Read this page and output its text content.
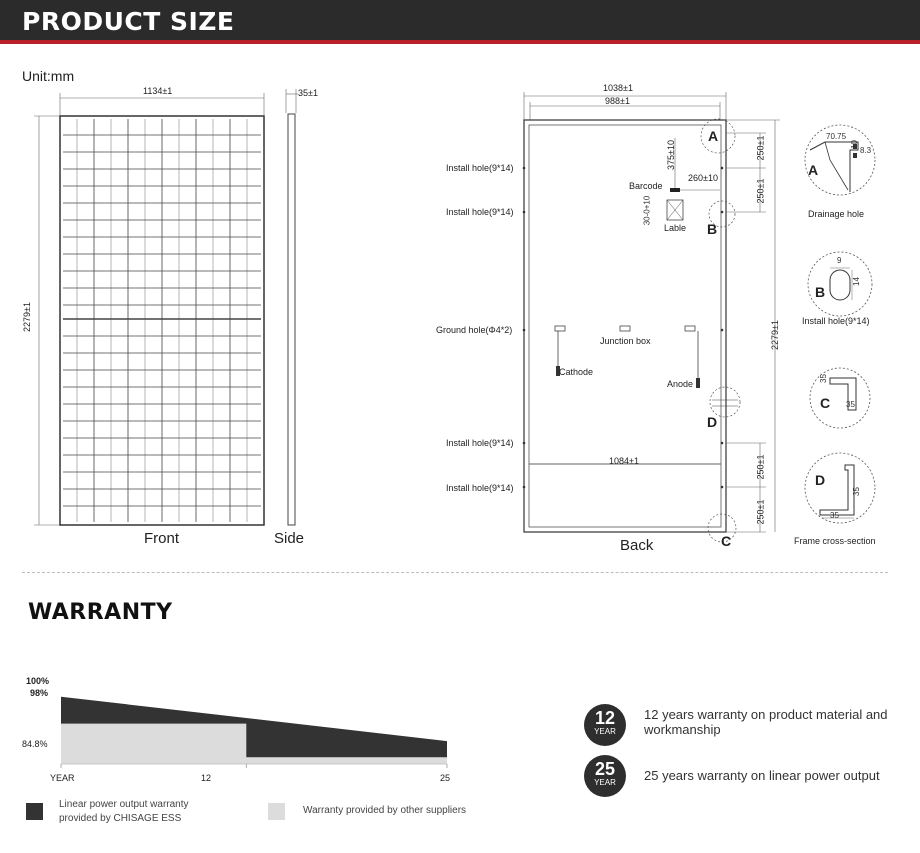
PRODUCT SIZE
Unit:mm
1134±1
2279±1
35±1
Front	Side
1038±1
988±1
375±10
260±10
30-0+10
250±1
250±1
2279±1
250±1
250±1
1084±1
Install hole(9*14)
Install hole(9*14)
Ground hole(Φ4*2)
Install hole(9*14)
Install hole(9*14)
Barcode
Lable
Junction box
Cathode
Anode
A
B
D
C
Back
A
70.75
10
8.3
Drainage hole
B
9
14
Install hole(9*14)
C
35
35
D
35
35
Frame cross-section
WARRANTY
100%
98%
84.8%
YEAR	12	25
Linear power output warranty provided by CHISAGE ESS
Warranty provided by other suppliers
12
YEAR
12 years warranty on product material and workmanship
25
YEAR	25 years warranty on linear power output
